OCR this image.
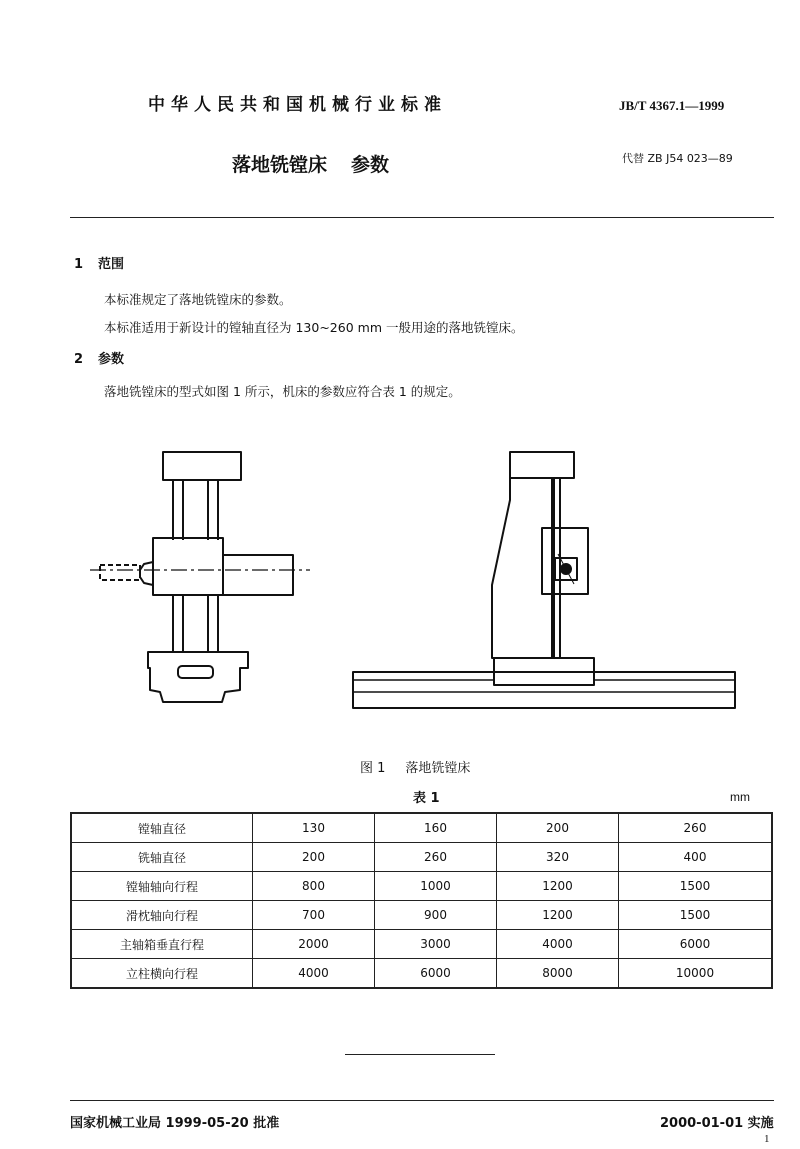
中华人民共和国机械行业标准	JB/T 4367.1—1999
落地铣镗床 参数	代替 ZB J54 023—89
1 范围
本标准规定了落地铣镗床的参数。
本标准适用于新设计的镗轴直径为 130~260 mm 一般用途的落地铣镗床。
2 参数
落地铣镗床的型式如图 1 所示，机床的参数应符合表 1 的规定。
图 1 落地铣镗床
表 1	mm
镗轴直径	130	160	200	260
铣轴直径	200	260	320	400
镗轴轴向行程	800	1000	1200	1500
滑枕轴向行程	700	900	1200	1500
主轴箱垂直行程	2000	3000	4000	6000
立柱横向行程	4000	6000	8000	10000
国家机械工业局 1999-05-20 批准	2000-01-01 实施
1
